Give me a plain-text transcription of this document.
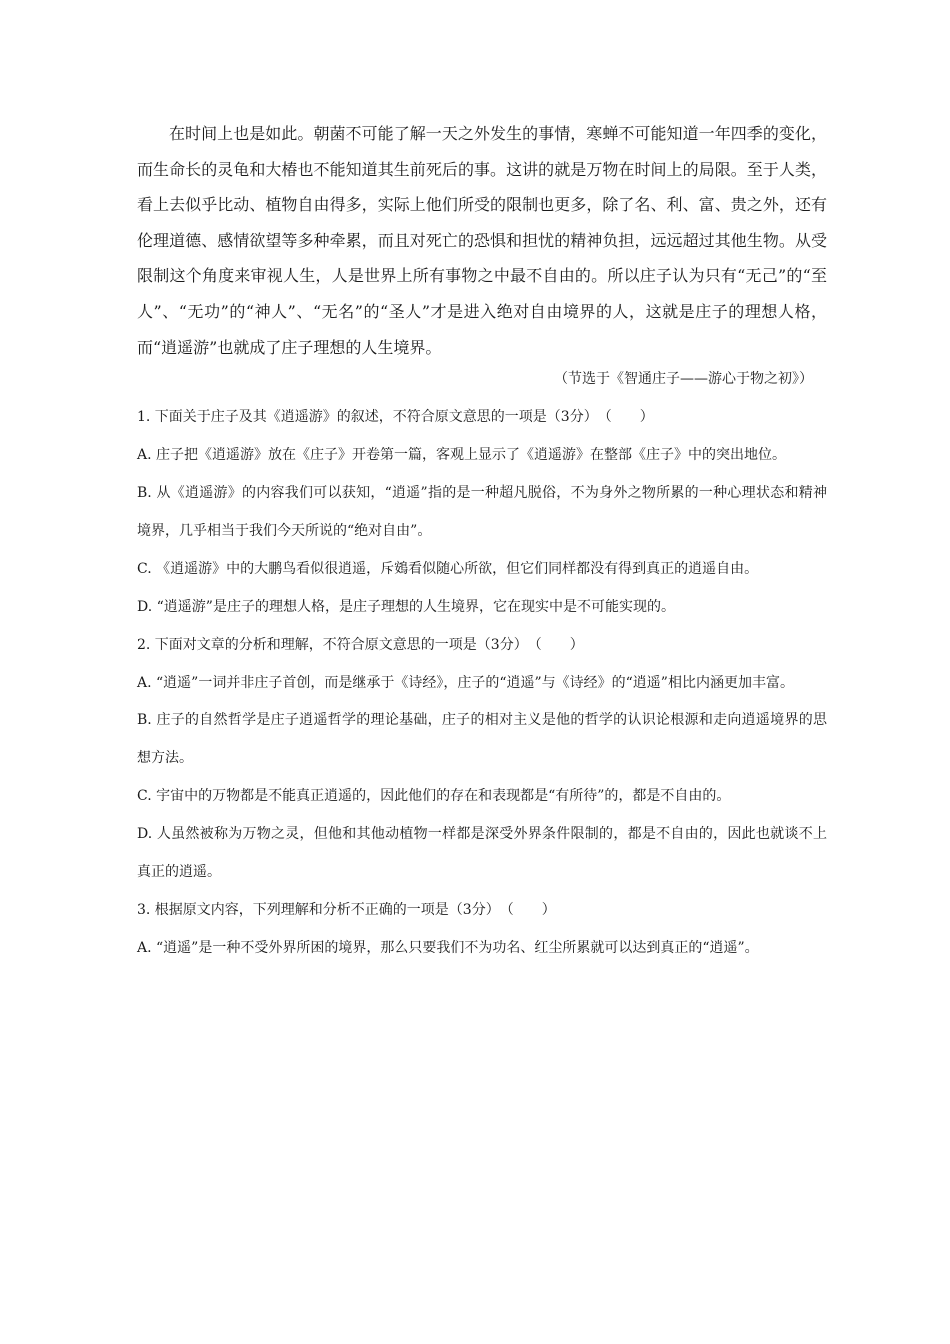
在时间上也是如此。朝菌不可能了解一天之外发生的事情，寒蝉不可能知道一年四季的变化，而生命长的灵龟和大椿也不能知道其生前死后的事。这讲的就是万物在时间上的局限。至于人类，看上去似乎比动、植物自由得多，实际上他们所受的限制也更多，除了名、利、富、贵之外，还有伦理道德、感情欲望等多种牵累，而且对死亡的恐惧和担忧的精神负担，远远超过其他生物。从受限制这个角度来审视人生，人是世界上所有事物之中最不自由的。所以庄子认为只有“无己”的“至人”、“无功”的“神人”、“无名”的“圣人”才是进入绝对自由境界的人，这就是庄子的理想人格，而“逍遥游”也就成了庄子理想的人生境界。

（节选于《智通庄子——游心于物之初》）

1. 下面关于庄子及其《逍遥游》的叙述，不符合原文意思的一项是（3分）（　　）

A. 庄子把《逍遥游》放在《庄子》开卷第一篇，客观上显示了《逍遥游》在整部《庄子》中的突出地位。

B. 从《逍遥游》的内容我们可以获知，“逍遥”指的是一种超凡脱俗，不为身外之物所累的一种心理状态和精神境界，几乎相当于我们今天所说的“绝对自由”。

C. 《逍遥游》中的大鹏鸟看似很逍遥，斥鴳看似随心所欲，但它们同样都没有得到真正的逍遥自由。

D. “逍遥游”是庄子的理想人格，是庄子理想的人生境界，它在现实中是不可能实现的。

2. 下面对文章的分析和理解，不符合原文意思的一项是（3分）（　　）

A. “逍遥”一词并非庄子首创，而是继承于《诗经》，庄子的“逍遥”与《诗经》的“逍遥”相比内涵更加丰富。

B. 庄子的自然哲学是庄子逍遥哲学的理论基础，庄子的相对主义是他的哲学的认识论根源和走向逍遥境界的思想方法。

C. 宇宙中的万物都是不能真正逍遥的，因此他们的存在和表现都是“有所待”的，都是不自由的。

D. 人虽然被称为万物之灵，但他和其他动植物一样都是深受外界条件限制的，都是不自由的，因此也就谈不上真正的逍遥。

3. 根据原文内容，下列理解和分析不正确的一项是（3分）（　　）

A. “逍遥”是一种不受外界所困的境界，那么只要我们不为功名、红尘所累就可以达到真正的“逍遥”。
